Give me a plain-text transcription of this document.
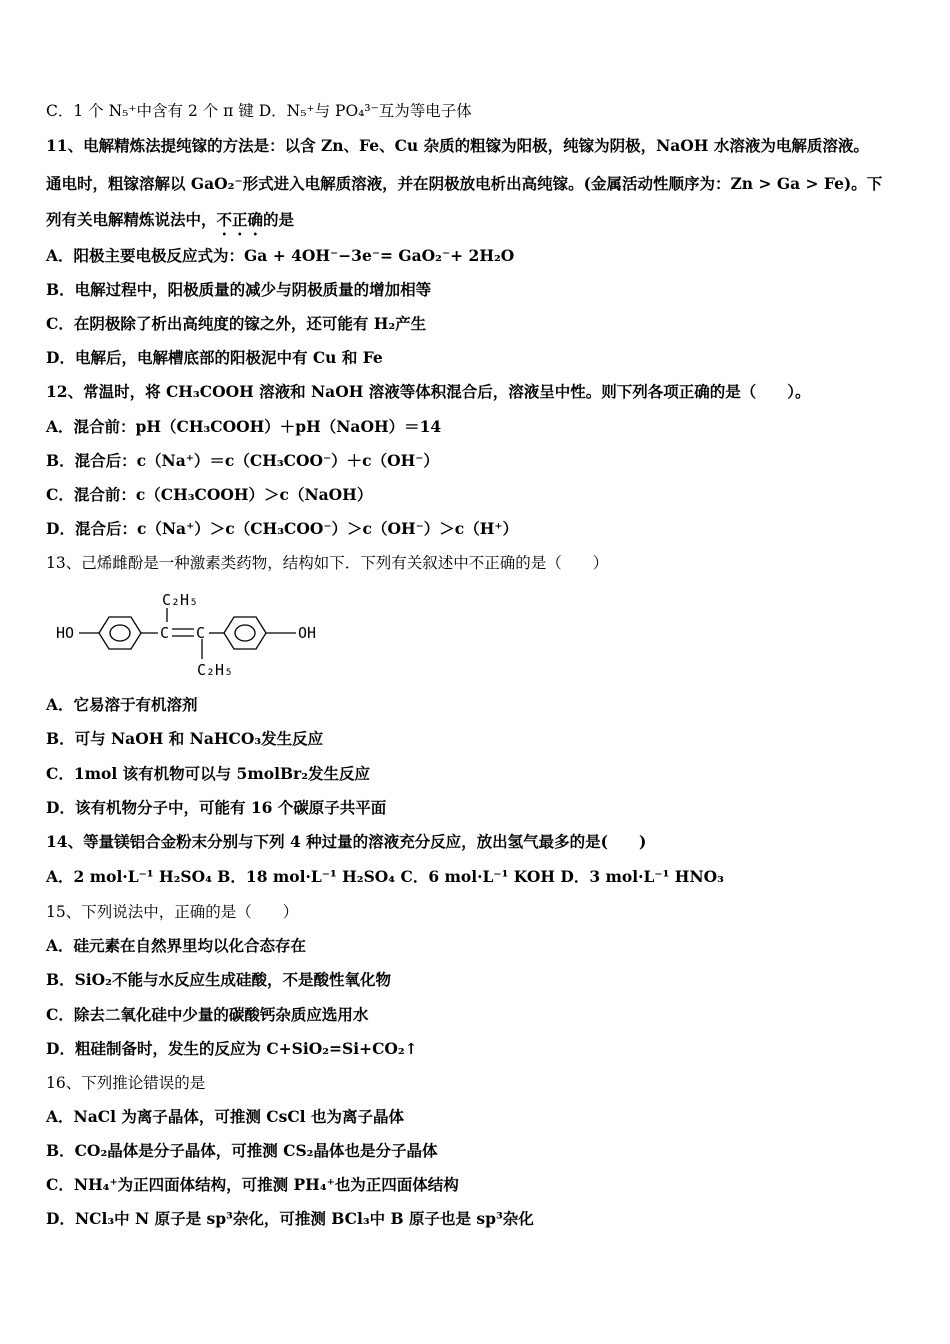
C．1 个 N₅⁺中含有 2 个 π 键 D．N₅⁺与 PO₄³⁻互为等电子体
11、电解精炼法提纯镓的方法是：以含 Zn、Fe、Cu 杂质的粗镓为阳极，纯镓为阴极，NaOH 水溶液为电解质溶液。
通电时，粗镓溶解以 GaO₂⁻形式进入电解质溶液，并在阴极放电析出高纯镓。(金属活动性顺序为：Zn > Ga > Fe)。下
列有关电解精炼说法中，不正确的是
A．阳极主要电极反应式为：Ga + 4OH⁻−3e⁻= GaO₂⁻+ 2H₂O
B．电解过程中，阳极质量的减少与阴极质量的增加相等
C．在阴极除了析出高纯度的镓之外，还可能有 H₂产生
D．电解后，电解槽底部的阳极泥中有 Cu 和 Fe
12、常温时，将 CH₃COOH 溶液和 NaOH 溶液等体积混合后，溶液呈中性。则下列各项正确的是（　　）。
A．混合前：pH（CH₃COOH）＋pH（NaOH）＝14
B．混合后：c（Na⁺）＝c（CH₃COO⁻）＋c（OH⁻）
C．混合前：c（CH₃COOH）＞c（NaOH）
D．混合后：c（Na⁺）＞c（CH₃COO⁻）＞c（OH⁻）＞c（H⁺）
13、己烯雌酚是一种激素类药物，结构如下．下列有关叙述中不正确的是（　　）
HO	OH
C C
C₂H₅
C₂H₅
A．它易溶于有机溶剂
B．可与 NaOH 和 NaHCO₃发生反应
C．1mol 该有机物可以与 5molBr₂发生反应
D．该有机物分子中，可能有 16 个碳原子共平面
14、等量镁铝合金粉末分别与下列 4 种过量的溶液充分反应，放出氢气最多的是(　　)
A．2 mol·L⁻¹ H₂SO₄ B．18 mol·L⁻¹ H₂SO₄ C．6 mol·L⁻¹ KOH D．3 mol·L⁻¹ HNO₃
15、下列说法中，正确的是（　　）
A．硅元素在自然界里均以化合态存在
B．SiO₂不能与水反应生成硅酸，不是酸性氧化物
C．除去二氧化硅中少量的碳酸钙杂质应选用水
D．粗硅制备时，发生的反应为 C+SiO₂=Si+CO₂↑
16、下列推论错误的是
A．NaCl 为离子晶体，可推测 CsCl 也为离子晶体
B．CO₂晶体是分子晶体，可推测 CS₂晶体也是分子晶体
C．NH₄⁺为正四面体结构，可推测 PH₄⁺也为正四面体结构
D．NCl₃中 N 原子是 sp³杂化，可推测 BCl₃中 B 原子也是 sp³杂化
